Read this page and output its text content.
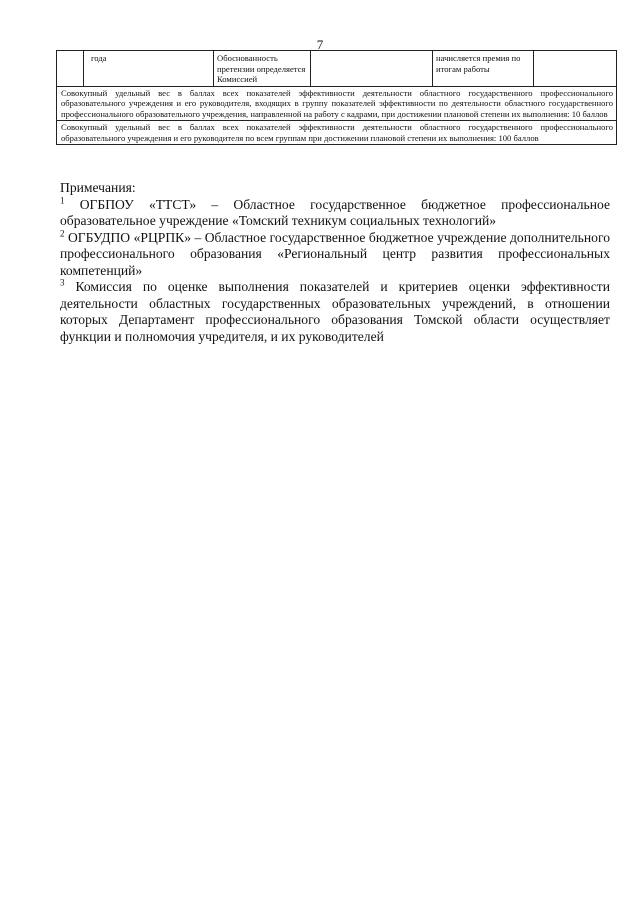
7
	года	Обоснованность претензии определяется Комиссией		начисляется премия по итогам работы	
Совокупный удельный вес в баллах всех показателей эффективности деятельности областного государственного профессионального образовательного учреждения и его руководителя, входящих в группу показателей эффективности по деятельности областного государственного профессионального образовательного учреждения, направленной на работу с кадрами, при достижении плановой степени их выполнения: 10 баллов
Совокупный удельный вес в баллах всех показателей эффективности деятельности областного государственного профессионального образовательного учреждения и его руководителя по всем группам при достижении плановой степени их выполнения: 100 баллов

Примечания:

$^1$ ОГБПОУ «ТТСТ» – Областное государственное бюджетное профессиональное образовательное учреждение «Томский техникум социальных технологий»

$^2$ ОГБУДПО «РЦРПК» – Областное государственное бюджетное учреждение дополнительного профессионального образования «Региональный центр развития профессиональных компетенций»

$^3$ Комиссия по оценке выполнения показателей и критериев оценки эффективности деятельности областных государственных образовательных учреждений, в отношении которых Департамент профессионального образования Томской области осуществляет функции и полномочия учредителя, и их руководителей
